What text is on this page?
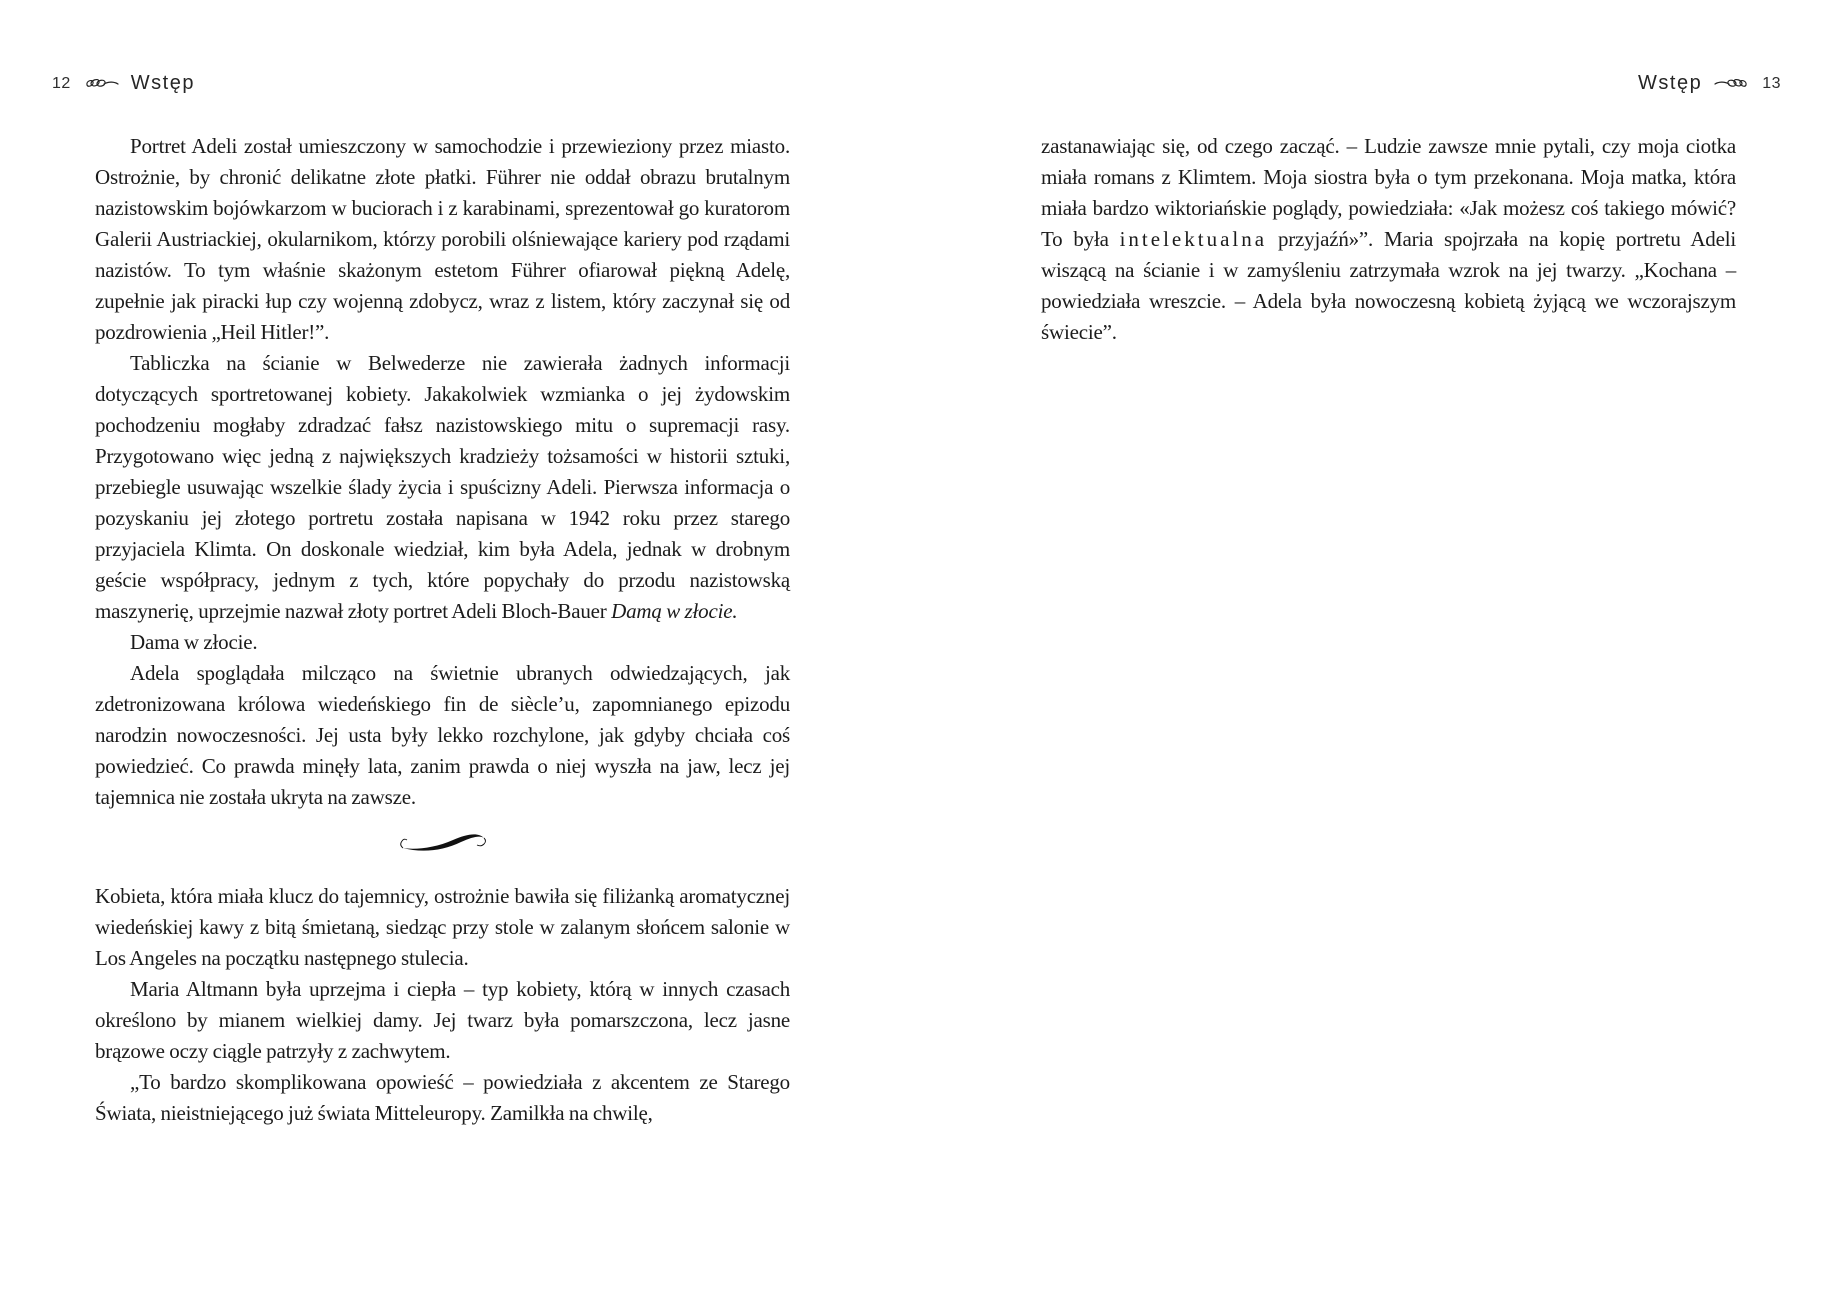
12	Wstęp	Wstęp	13

Portret Adeli został umieszczony w samochodzie i przewieziony przez miasto. Ostrożnie, by chronić delikatne złote płatki. Führer nie oddał obrazu brutalnym nazistowskim bojówkarzom w buciorach i z karabinami, sprezentował go kuratorom Galerii Austriackiej, okularnikom, którzy porobili olśniewające kariery pod rządami nazistów. To tym właśnie skażonym estetom Führer ofiarował piękną Adelę, zupełnie jak piracki łup czy wojenną zdobycz, wraz z listem, który zaczynał się od pozdrowienia „Heil Hitler!”.

Tabliczka na ścianie w Belwederze nie zawierała żadnych informacji dotyczących sportretowanej kobiety. Jakakolwiek wzmianka o jej żydowskim pochodzeniu mogłaby zdradzać fałsz nazistowskiego mitu o supremacji rasy. Przygotowano więc jedną z największych kradzieży tożsamości w historii sztuki, przebiegle usuwając wszelkie ślady życia i spuścizny Adeli. Pierwsza informacja o pozyskaniu jej złotego portretu została napisana w 1942 roku przez starego przyjaciela Klimta. On doskonale wiedział, kim była Adela, jednak w drobnym geście współpracy, jednym z tych, które popychały do przodu nazistowską maszynerię, uprzejmie nazwał złoty portret Adeli Bloch-Bauer Damą w złocie.

Dama w złocie.

Adela spoglądała milcząco na świetnie ubranych odwiedzających, jak zdetronizowana królowa wiedeńskiego fin de siècle’u, zapomnianego epizodu narodzin nowoczesności. Jej usta były lekko rozchylone, jak gdyby chciała coś powiedzieć. Co prawda minęły lata, zanim prawda o niej wyszła na jaw, lecz jej tajemnica nie została ukryta na zawsze.

Kobieta, która miała klucz do tajemnicy, ostrożnie bawiła się filiżanką aromatycznej wiedeńskiej kawy z bitą śmietaną, siedząc przy stole w zalanym słońcem salonie w Los Angeles na początku następnego stulecia.

Maria Altmann była uprzejma i ciepła – typ kobiety, którą w innych czasach określono by mianem wielkiej damy. Jej twarz była pomarszczona, lecz jasne brązowe oczy ciągle patrzyły z zachwytem.

„To bardzo skomplikowana opowieść – powiedziała z akcentem ze Starego Świata, nieistniejącego już świata Mitteleuropy. Zamilkła na chwilę,

zastanawiając się, od czego zacząć. – Ludzie zawsze mnie pytali, czy moja ciotka miała romans z Klimtem. Moja siostra była o tym przekonana. Moja matka, która miała bardzo wiktoriańskie poglądy, powiedziała: «Jak możesz coś takiego mówić? To była intelektualna przyjaźń»”. Maria spojrzała na kopię portretu Adeli wiszącą na ścianie i w zamyśleniu zatrzymała wzrok na jej twarzy. „Kochana – powiedziała wreszcie. – Adela była nowoczesną kobietą żyjącą we wczorajszym świecie”.
